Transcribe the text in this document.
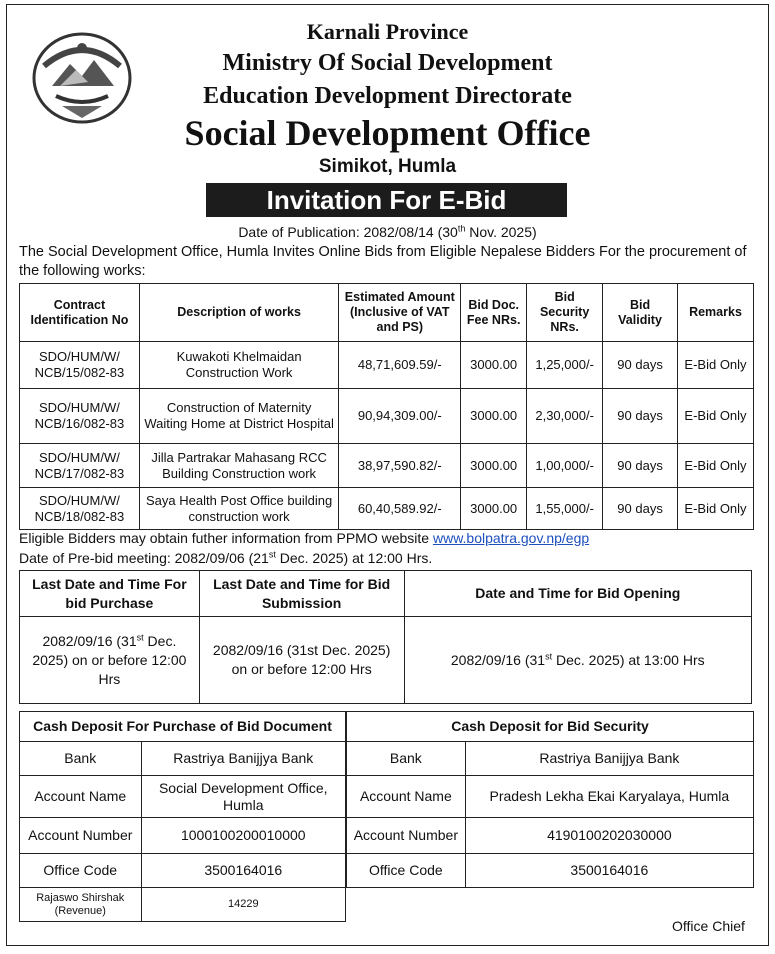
Karnali Province
Ministry Of Social Development
Education Development Directorate
Social Development Office
Simikot, Humla
Invitation For E-Bid
Date of Publication: 2082/08/14 (30th Nov. 2025)
The Social Development Office, Humla Invites Online Bids from Eligible Nepalese Bidders For the procurement of the following works:
Contract Identification No	Description of works	Estimated Amount (Inclusive of VAT and PS)	Bid Doc. Fee NRs.	Bid Security NRs.	Bid Validity	Remarks
SDO/HUM/W/ NCB/15/082-83	Kuwakoti Khelmaidan Construction Work	48,71,609.59/-	3000.00	1,25,000/-	90 days	E-Bid Only
SDO/HUM/W/ NCB/16/082-83	Construction of Maternity Waiting Home at District Hospital	90,94,309.00/-	3000.00	2,30,000/-	90 days	E-Bid Only
SDO/HUM/W/ NCB/17/082-83	Jilla Partrakar Mahasang RCC Building Construction work	38,97,590.82/-	3000.00	1,00,000/-	90 days	E-Bid Only
SDO/HUM/W/ NCB/18/082-83	Saya Health Post Office building construction work	60,40,589.92/-	3000.00	1,55,000/-	90 days	E-Bid Only
Eligible Bidders may obtain futher information from PPMO website www.bolpatra.gov.np/egp
Date of Pre-bid meeting: 2082/09/06 (21st Dec. 2025) at 12:00 Hrs.
Last Date and Time For bid Purchase	Last Date and Time for Bid Submission	Date and Time for Bid Opening
2082/09/16 (31st Dec. 2025) on or before 12:00 Hrs	2082/09/16 (31st Dec. 2025) on or before 12:00 Hrs	2082/09/16 (31st Dec. 2025) at 13:00 Hrs
Cash Deposit For Purchase of Bid Document	
Bank	Rastriya Banijjya Bank
Account Name	Social Development Office, Humla
Account Number	1000100200010000
Office Code	3500164016
Rajaswo Shirshak (Revenue)	14229
Cash Deposit for Bid Security	
Bank	Rastriya Banijjya Bank
Account Name	Pradesh Lekha Ekai Karyalaya, Humla
Account Number	4190100202030000
Office Code	3500164016
Office Chief
